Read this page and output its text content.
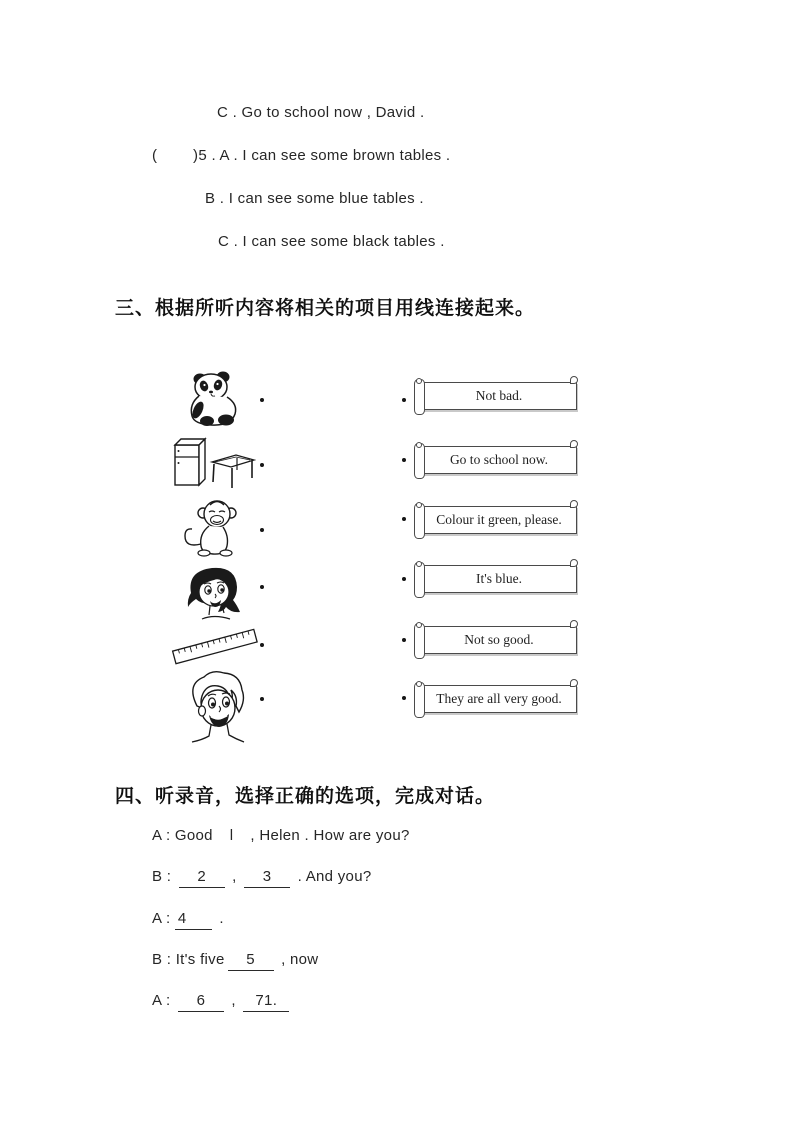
C . Go to school now , David .
(        )5 . A . I can see some brown tables .
B . I can see some blue tables .
C . I can see some black tables .
三、根据所听内容将相关的项目用线连接起来。
Not bad.
Go to school now.
Colour it green, please.
It's blue.
Not so good.
They are all very good.
四、听录音，选择正确的选项，完成对话。
A : Good l , Helen . How are you?
B : 2 , 3 . And you?
A : 4 .
B : It's five 5 , now
A : 6 , 71.
